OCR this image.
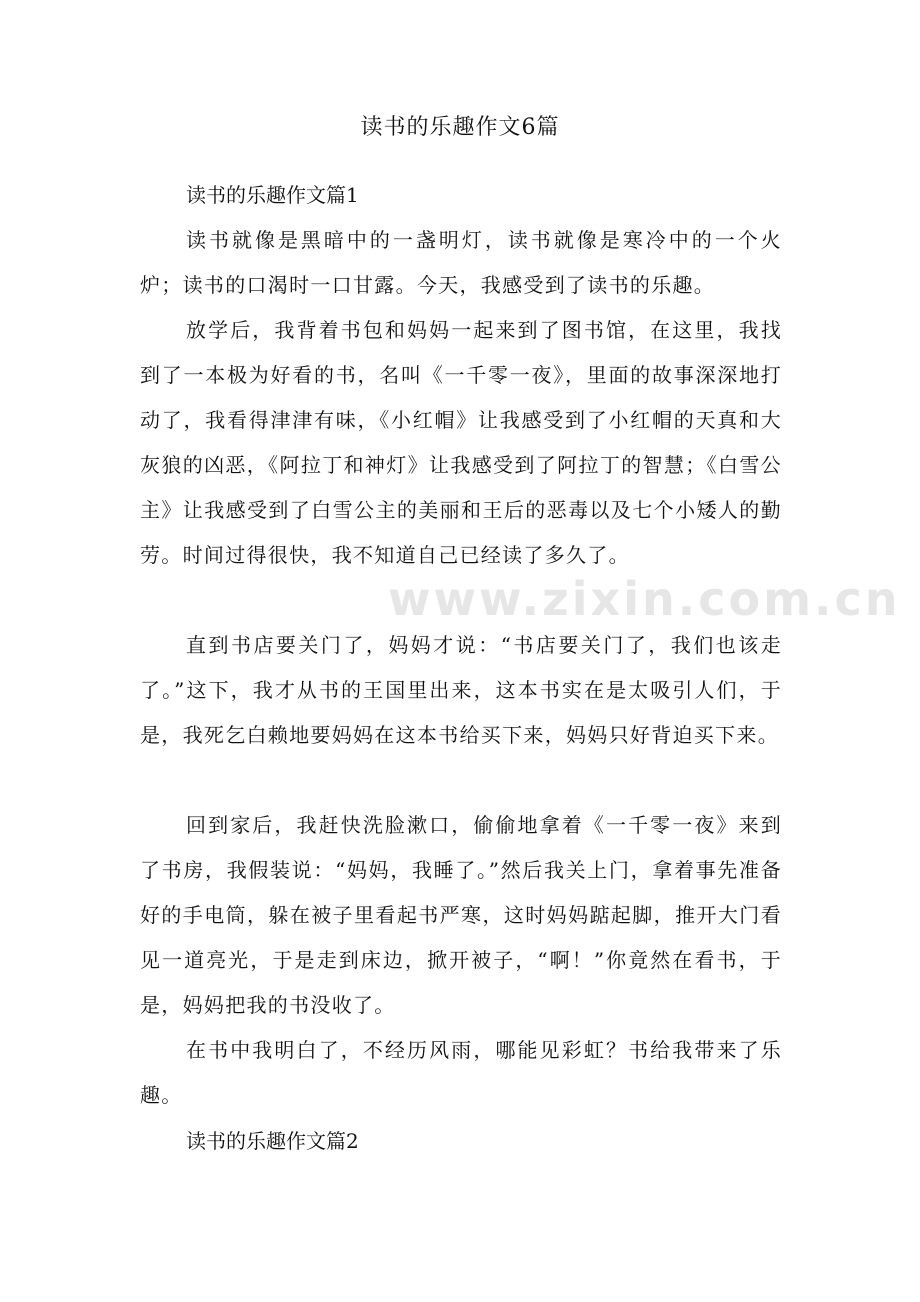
www.zixin.com.cn
读书的乐趣作文6篇
读书的乐趣作文篇1

读书就像是黑暗中的一盏明灯，读书就像是寒冷中的一个火炉；读书的口渴时一口甘露。今天，我感受到了读书的乐趣。

放学后，我背着书包和妈妈一起来到了图书馆，在这里，我找到了一本极为好看的书，名叫《一千零一夜》，里面的故事深深地打动了，我看得津津有味，《小红帽》让我感受到了小红帽的天真和大灰狼的凶恶，《阿拉丁和神灯》让我感受到了阿拉丁的智慧；《白雪公主》让我感受到了白雪公主的美丽和王后的恶毒以及七个小矮人的勤劳。时间过得很快，我不知道自己已经读了多久了。

直到书店要关门了，妈妈才说：“书店要关门了，我们也该走了。”这下，我才从书的王国里出来，这本书实在是太吸引人们，于是，我死乞白赖地要妈妈在这本书给买下来，妈妈只好背迫买下来。

回到家后，我赶快洗脸漱口，偷偷地拿着《一千零一夜》来到了书房，我假装说：“妈妈，我睡了。”然后我关上门，拿着事先准备好的手电筒，躲在被子里看起书严寒，这时妈妈踮起脚，推开大门看见一道亮光，于是走到床边，掀开被子，“啊！”你竟然在看书，于是，妈妈把我的书没收了。

在书中我明白了，不经历风雨，哪能见彩虹？书给我带来了乐趣。

读书的乐趣作文篇2
